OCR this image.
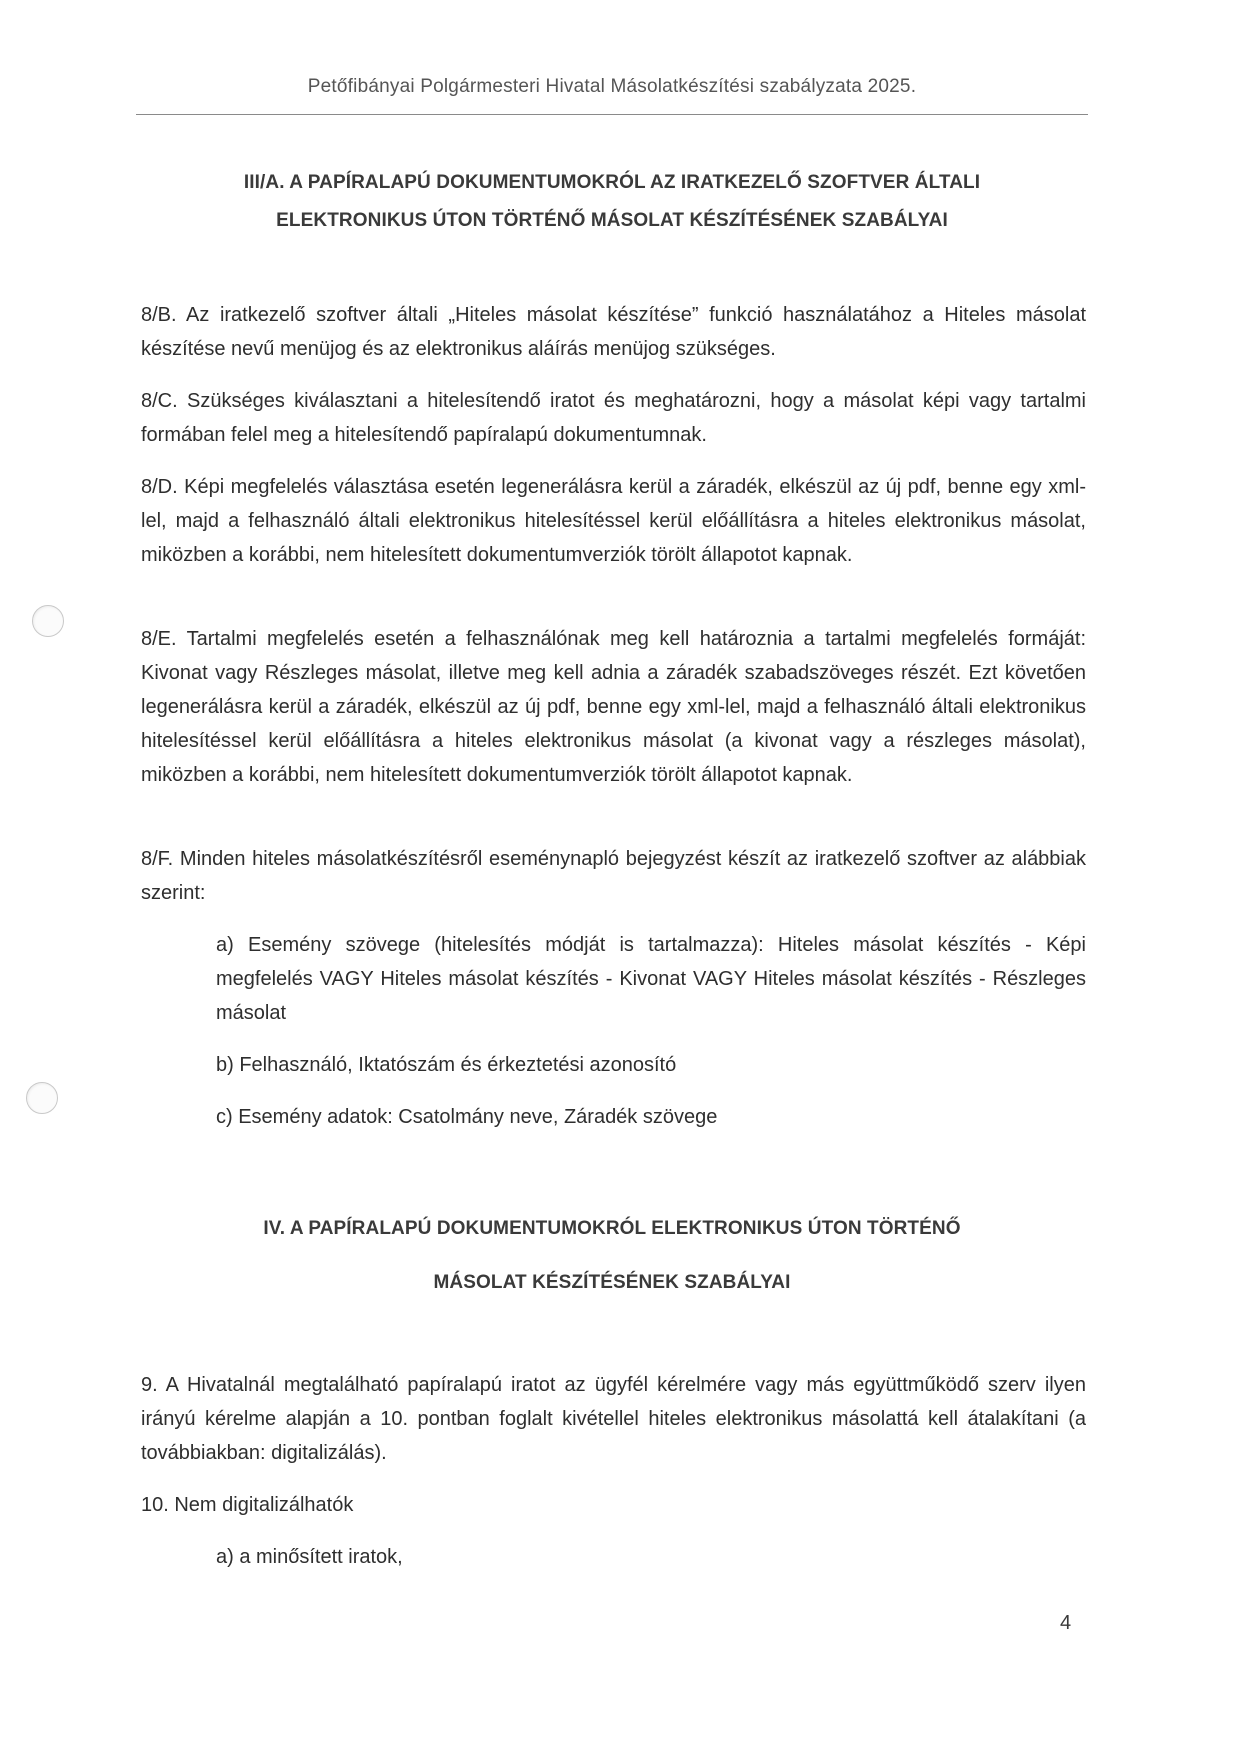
Petőfibányai Polgármesteri Hivatal Másolatkészítési szabályzata 2025.
III/A. A PAPÍRALAPÚ DOKUMENTUMOKRÓL AZ IRATKEZELŐ SZOFTVER ÁLTALI
ELEKTRONIKUS ÚTON TÖRTÉNŐ MÁSOLAT KÉSZÍTÉSÉNEK SZABÁLYAI

8/B. Az iratkezelő szoftver általi „Hiteles másolat készítése” funkció használatához a Hiteles másolat készítése nevű menüjog és az elektronikus aláírás menüjog szükséges.

8/C. Szükséges kiválasztani a hitelesítendő iratot és meghatározni, hogy a másolat képi vagy tartalmi formában felel meg a hitelesítendő papíralapú dokumentumnak.

8/D. Képi megfelelés választása esetén legenerálásra kerül a záradék, elkészül az új pdf, benne egy xml-lel, majd a felhasználó általi elektronikus hitelesítéssel kerül előállításra a hiteles elektronikus másolat, miközben a korábbi, nem hitelesített dokumentumverziók törölt állapotot kapnak.

8/E. Tartalmi megfelelés esetén a felhasználónak meg kell határoznia a tartalmi megfelelés formáját: Kivonat vagy Részleges másolat, illetve meg kell adnia a záradék szabadszöveges részét. Ezt követően legenerálásra kerül a záradék, elkészül az új pdf, benne egy xml-lel, majd a felhasználó általi elektronikus hitelesítéssel kerül előállításra a hiteles elektronikus másolat (a kivonat vagy a részleges másolat), miközben a korábbi, nem hitelesített dokumentumverziók törölt állapotot kapnak.

8/F. Minden hiteles másolatkészítésről eseménynapló bejegyzést készít az iratkezelő szoftver az alábbiak szerint:

a) Esemény szövege (hitelesítés módját is tartalmazza): Hiteles másolat készítés - Képi megfelelés VAGY Hiteles másolat készítés - Kivonat VAGY Hiteles másolat készítés - Részleges másolat

b) Felhasználó, Iktatószám és érkeztetési azonosító

c) Esemény adatok: Csatolmány neve, Záradék szövege

IV. A PAPÍRALAPÚ DOKUMENTUMOKRÓL ELEKTRONIKUS ÚTON TÖRTÉNŐ
MÁSOLAT KÉSZÍTÉSÉNEK SZABÁLYAI

9. A Hivatalnál megtalálható papíralapú iratot az ügyfél kérelmére vagy más együttműködő szerv ilyen irányú kérelme alapján a 10. pontban foglalt kivétellel hiteles elektronikus másolattá kell átalakítani (a továbbiakban: digitalizálás).

10. Nem digitalizálhatók

a) a minősített iratok,

4
